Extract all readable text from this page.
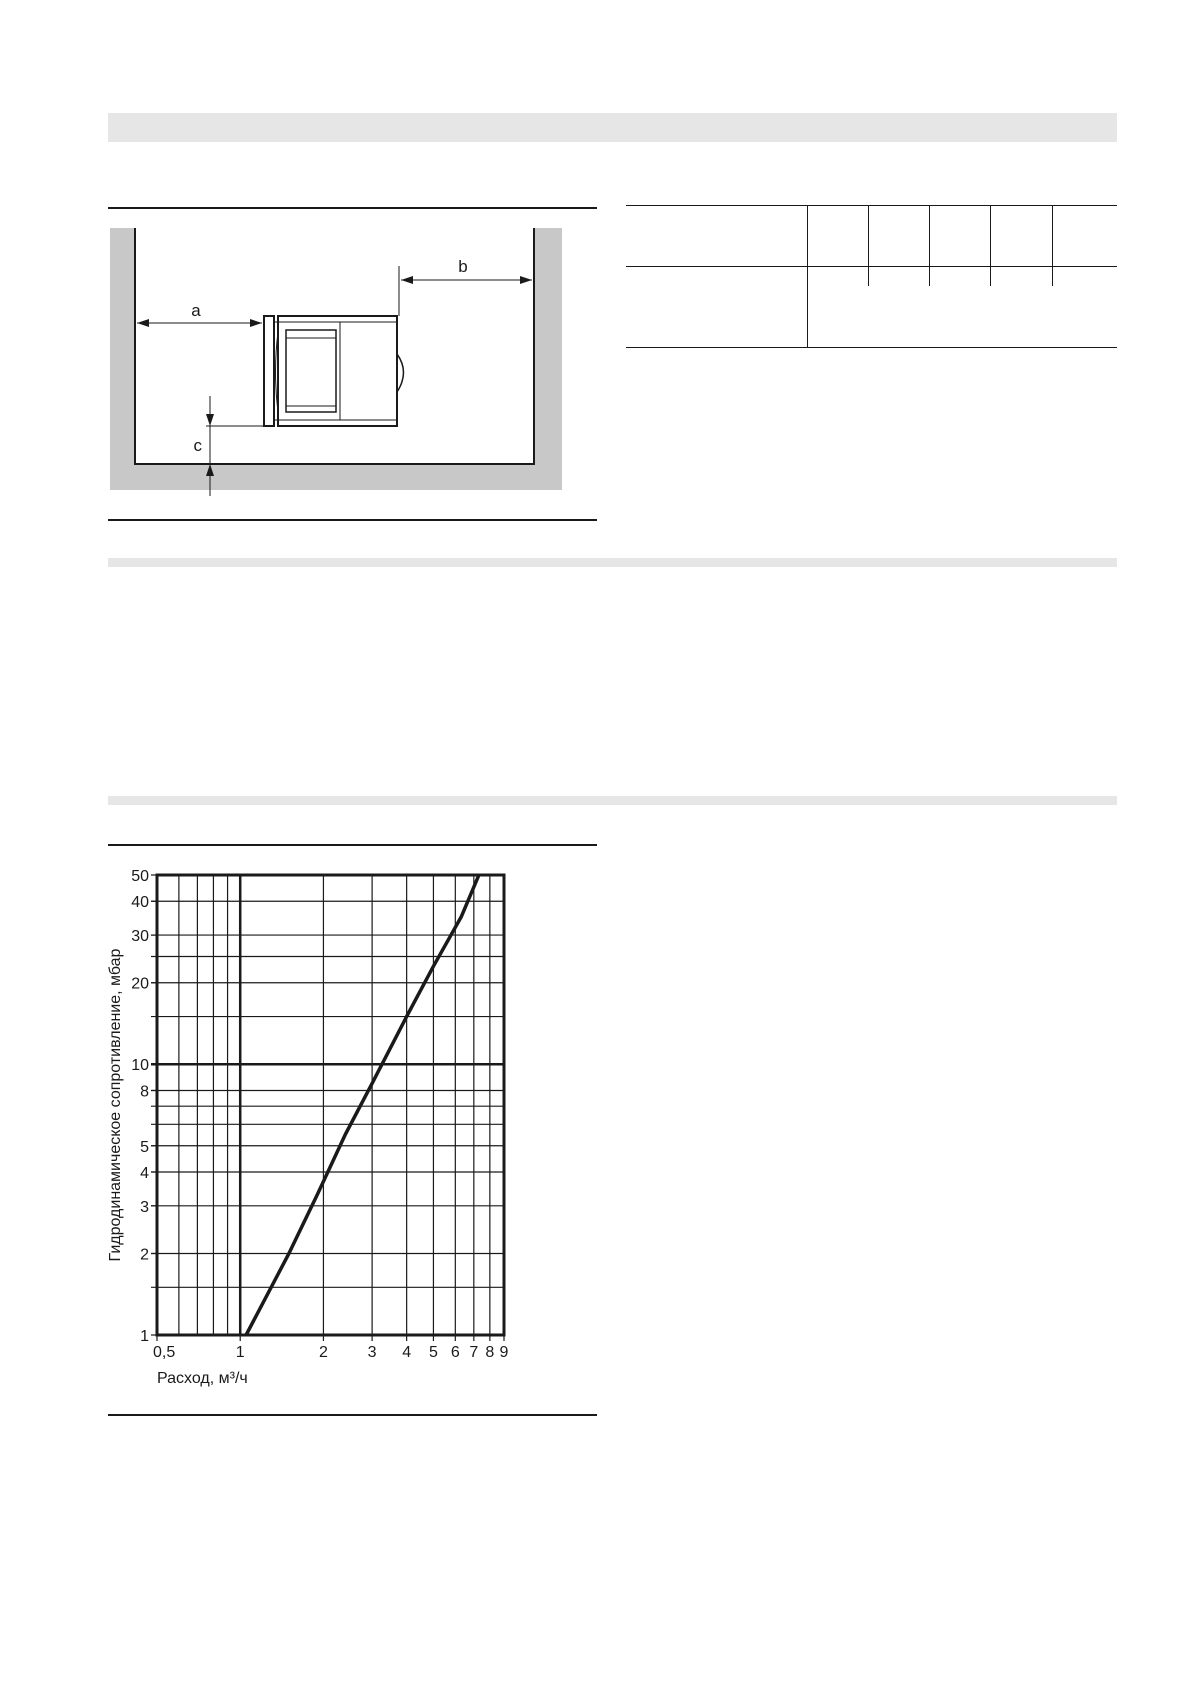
a
b
c
0,5	1	2 3 4 5 6 7 8 9
1
2
3
4
5
8
10
20
30
40
50
Расход, м³/ч
Гидродинамическое сопротивление, мбар
